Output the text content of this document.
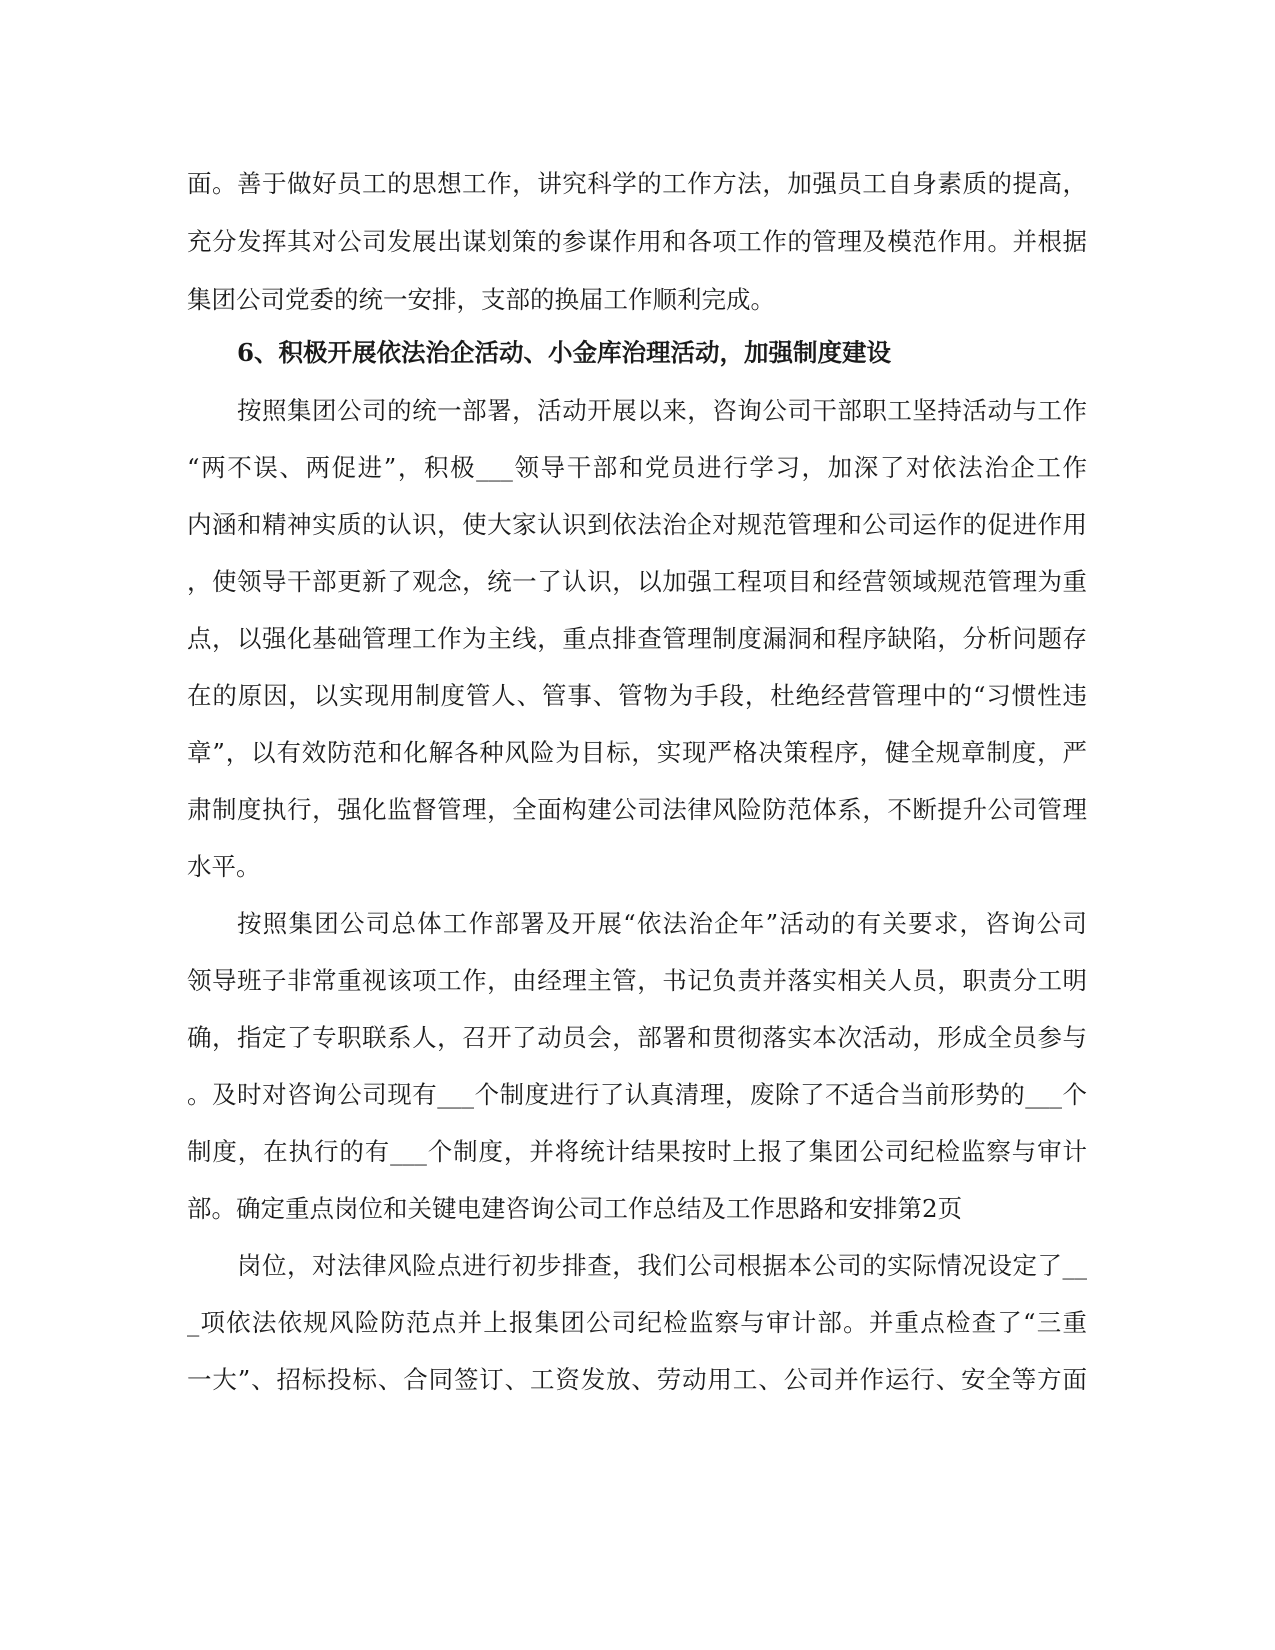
面。善于做好员工的思想工作，讲究科学的工作方法，加强员工自身素质的提高，
充分发挥其对公司发展出谋划策的参谋作用和各项工作的管理及模范作用。并根据
集团公司党委的统一安排，支部的换届工作顺利完成。
6、积极开展依法治企活动、小金库治理活动，加强制度建设
按照集团公司的统一部署，活动开展以来，咨询公司干部职工坚持活动与工作
“两不误、两促进”，积极___领导干部和党员进行学习，加深了对依法治企工作
内涵和精神实质的认识，使大家认识到依法治企对规范管理和公司运作的促进作用
，使领导干部更新了观念，统一了认识，以加强工程项目和经营领域规范管理为重
点，以强化基础管理工作为主线，重点排查管理制度漏洞和程序缺陷，分析问题存
在的原因，以实现用制度管人、管事、管物为手段，杜绝经营管理中的“习惯性违
章”，以有效防范和化解各种风险为目标，实现严格决策程序，健全规章制度，严
肃制度执行，强化监督管理，全面构建公司法律风险防范体系，不断提升公司管理
水平。
按照集团公司总体工作部署及开展“依法治企年”活动的有关要求，咨询公司
领导班子非常重视该项工作，由经理主管，书记负责并落实相关人员，职责分工明
确，指定了专职联系人，召开了动员会，部署和贯彻落实本次活动，形成全员参与
。及时对咨询公司现有___个制度进行了认真清理，废除了不适合当前形势的___个
制度，在执行的有___个制度，并将统计结果按时上报了集团公司纪检监察与审计
部。确定重点岗位和关键电建咨询公司工作总结及工作思路和安排第2页
岗位，对法律风险点进行初步排查，我们公司根据本公司的实际情况设定了__
_项依法依规风险防范点并上报集团公司纪检监察与审计部。并重点检查了“三重
一大”、招标投标、合同签订、工资发放、劳动用工、公司并作运行、安全等方面
